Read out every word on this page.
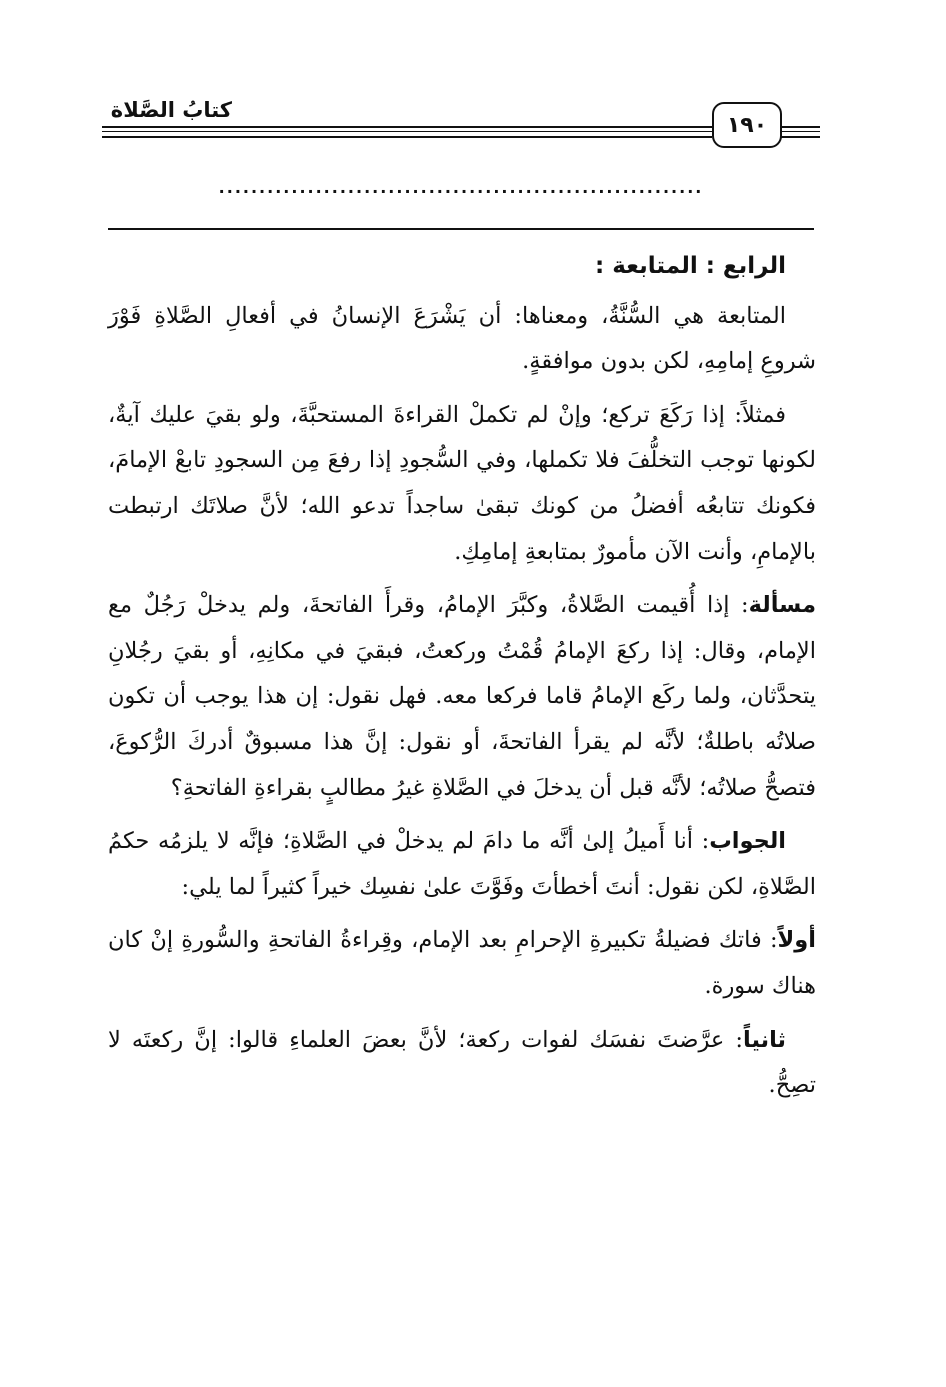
كتابُ الصَّلاة
١٩٠
............................................................
الرابع : المتابعة :

المتابعة هي السُّنَّةُ، ومعناها: أن يَشْرَعَ الإنسانُ في أفعالِ الصَّلاةِ فَوْرَ شروعِ إمامِهِ، لكن بدون موافقةٍ.

فمثلاً: إذا رَكَعَ تركع؛ وإنْ لم تكملْ القراءةَ المستحبَّةَ، ولو بقيَ عليك آيةٌ، لكونها توجب التخلُّفَ فلا تكملها، وفي السُّجودِ إذا رفعَ مِن السجودِ تابعْ الإمامَ، فكونك تتابعُه أفضلُ من كونك تبقىٰ ساجداً تدعو الله؛ لأنَّ صلاتَك ارتبطت بالإمامِ، وأنت الآن مأمورٌ بمتابعةِ إمامِكِ.

مسألة: إذا أُقيمت الصَّلاةُ، وكبَّرَ الإمامُ، وقرأَ الفاتحةَ، ولم يدخلْ رَجُلٌ مع الإمام، وقال: إذا ركعَ الإمامُ قُمْتُ وركعتُ، فبقيَ في مكانِهِ، أو بقيَ رجُلانِ يتحدَّثان، ولما ركَع الإمامُ قاما فركعا معه. فهل نقول: إن هذا يوجب أن تكون صلاتُه باطلةٌ؛ لأنَّه لم يقرأ الفاتحةَ، أو نقول: إنَّ هذا مسبوقٌ أدركَ الرُّكوعَ، فتصحُّ صلاتُه؛ لأنَّه قبل أن يدخلَ في الصَّلاةِ غيرُ مطالبٍ بقراءةِ الفاتحةِ؟

الجواب: أنا أَميلُ إلىٰ أنَّه ما دامَ لم يدخلْ في الصَّلاةِ؛ فإنَّه لا يلزمُه حكمُ الصَّلاةِ، لكن نقول: أنتَ أخطأتَ وفَوَّتَ علىٰ نفسِك خيراً كثيراً لما يلي:

أولاً: فاتك فضيلةُ تكبيرةِ الإحرامِ بعد الإمام، وقِراءةُ الفاتحةِ والسُّورةِ إنْ كان هناك سورة.

ثانياً: عرَّضتَ نفسَك لفوات ركعة؛ لأنَّ بعضَ العلماءِ قالوا: إنَّ ركعتَه لا تصِحُّ.
